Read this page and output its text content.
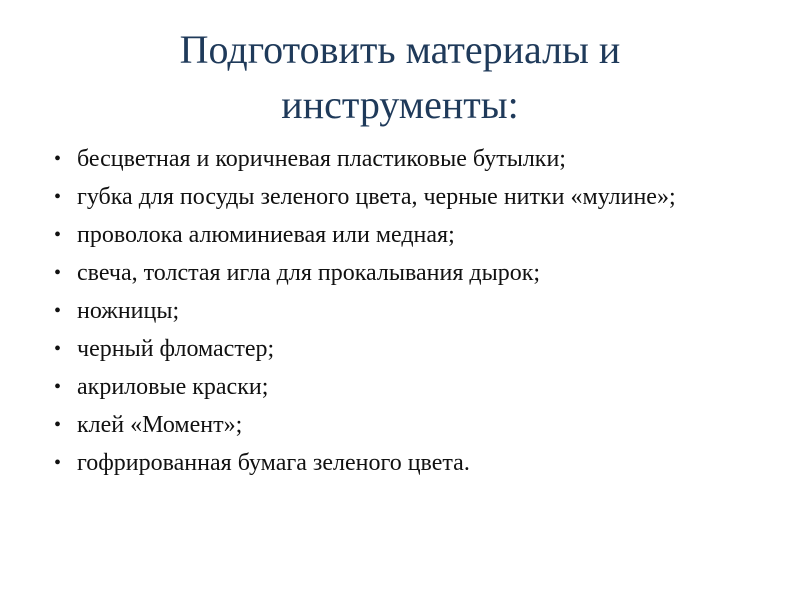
Подготовить материалы и инструменты:
• бесцветная и коричневая пластиковые бутылки;
• губка для посуды зеленого цвета, черные нитки «мулине»;
• проволока алюминиевая или медная;
• свеча, толстая игла для прокалывания дырок;
• ножницы;
• черный фломастер;
• акриловые краски;
• клей «Момент»;
• гофрированная бумага зеленого цвета.
